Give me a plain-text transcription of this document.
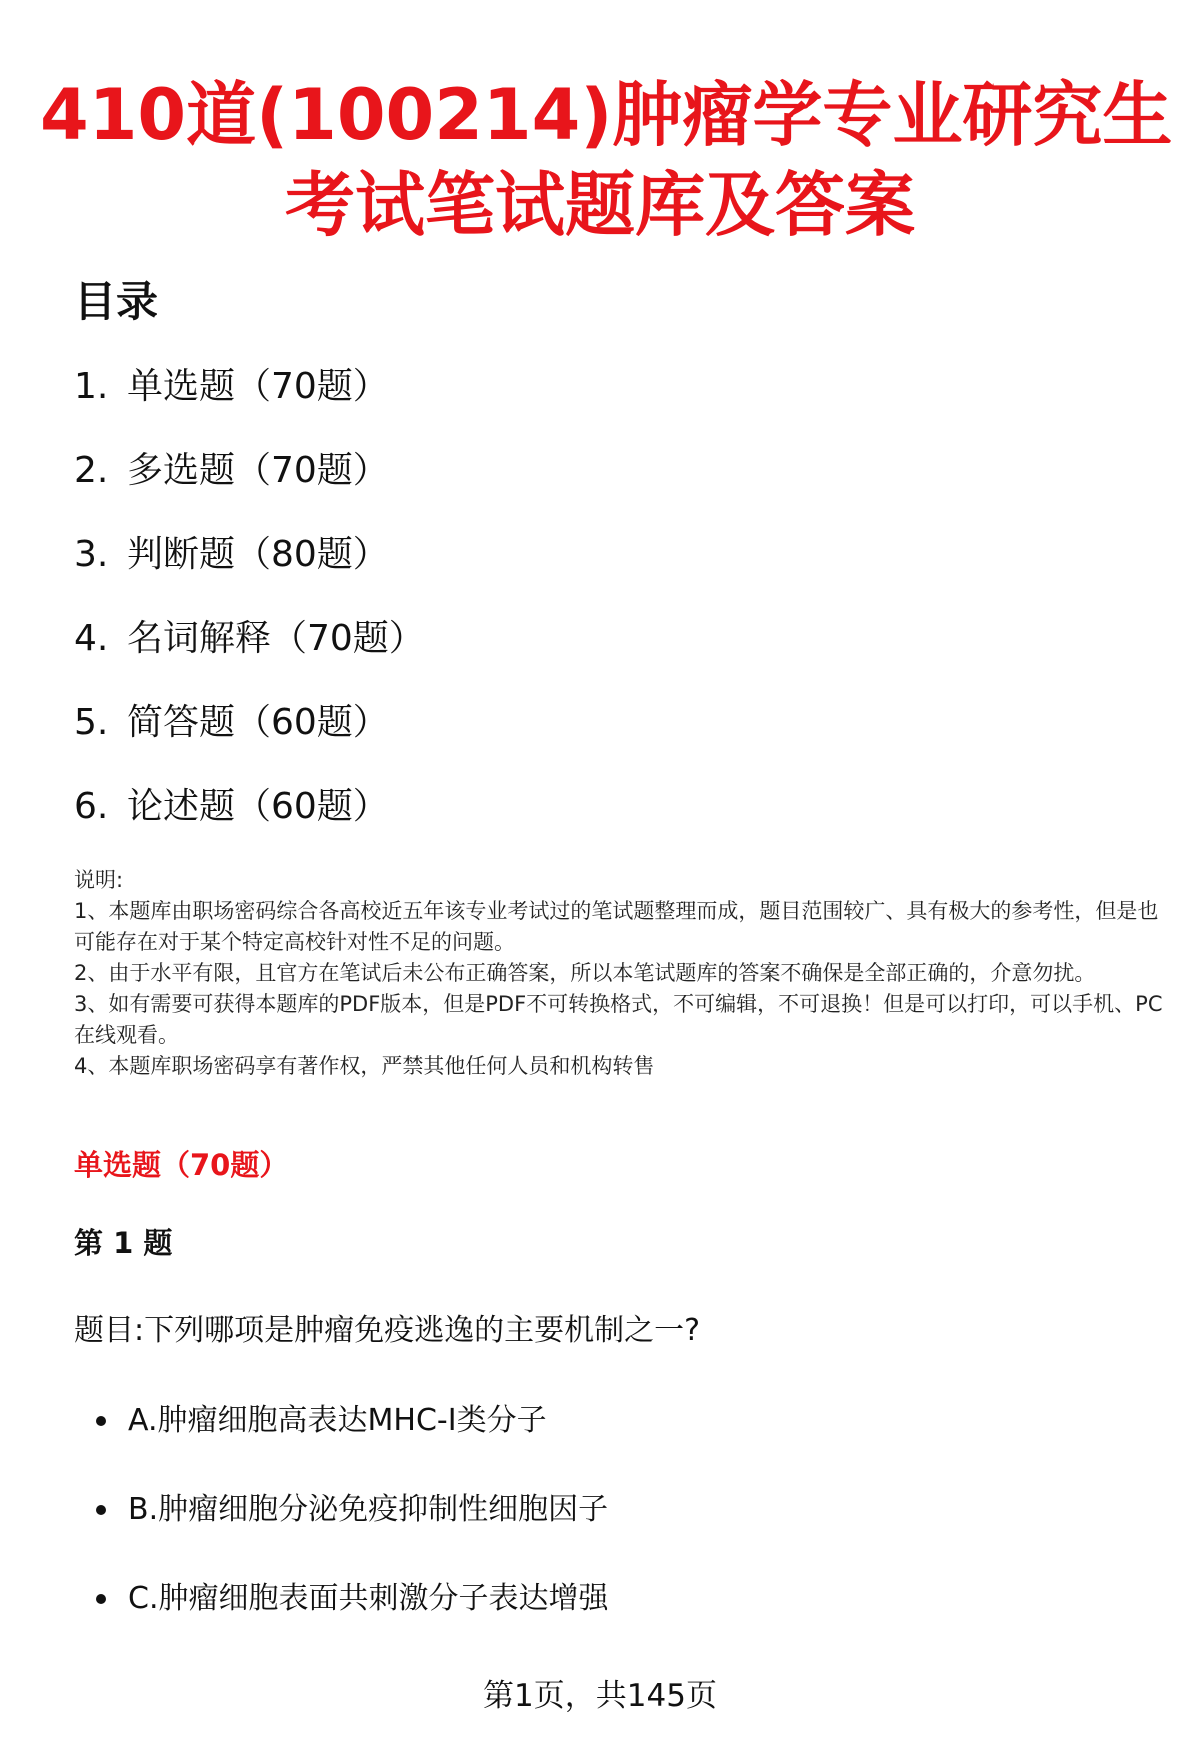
410道(100214)肿瘤学专业研究生
考试笔试题库及答案
目录
1. 单选题（70题）
2. 多选题（70题）
3. 判断题（80题）
4. 名词解释（70题）
5. 简答题（60题）
6. 论述题（60题）

说明:

1、本题库由职场密码综合各高校近五年该专业考试过的笔试题整理而成，题目范围较广、具有极大的参考性，但是也可能存在对于某个特定高校针对性不足的问题。

2、由于水平有限，且官方在笔试后未公布正确答案，所以本笔试题库的答案不确保是全部正确的，介意勿扰。

3、如有需要可获得本题库的PDF版本，但是PDF不可转换格式，不可编辑，不可退换！但是可以打印，可以手机、PC在线观看。

4、本题库职场密码享有著作权，严禁其他任何人员和机构转售

单选题（70题）
第 1 题
题目:下列哪项是肿瘤免疫逃逸的主要机制之一?
A.肿瘤细胞高表达MHC-I类分子
B.肿瘤细胞分泌免疫抑制性细胞因子
C.肿瘤细胞表面共刺激分子表达增强
第1页，共145页
